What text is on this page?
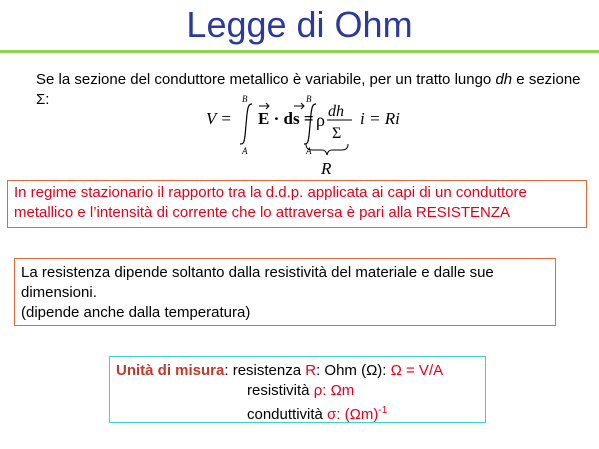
Legge di Ohm
Se la sezione del conduttore metallico è variabile, per un tratto lungo dh e sezione Σ:
V =
B
A
E · ds =
B
A
ρ dh
Σ
i = Ri
R
In regime stazionario il rapporto tra la d.d.p. applicata ai capi di un conduttore metallico e l’intensità di corrente che lo attraversa è pari alla RESISTENZA
La resistenza dipende soltanto dalla resistività del materiale e dalle sue dimensioni.
(dipende anche dalla temperatura)
Unità di misura: resistenza R: Ohm (Ω): Ω = V/A
resistività ρ: Ωm
conduttività σ: $(\Omega m)^{-1}$
